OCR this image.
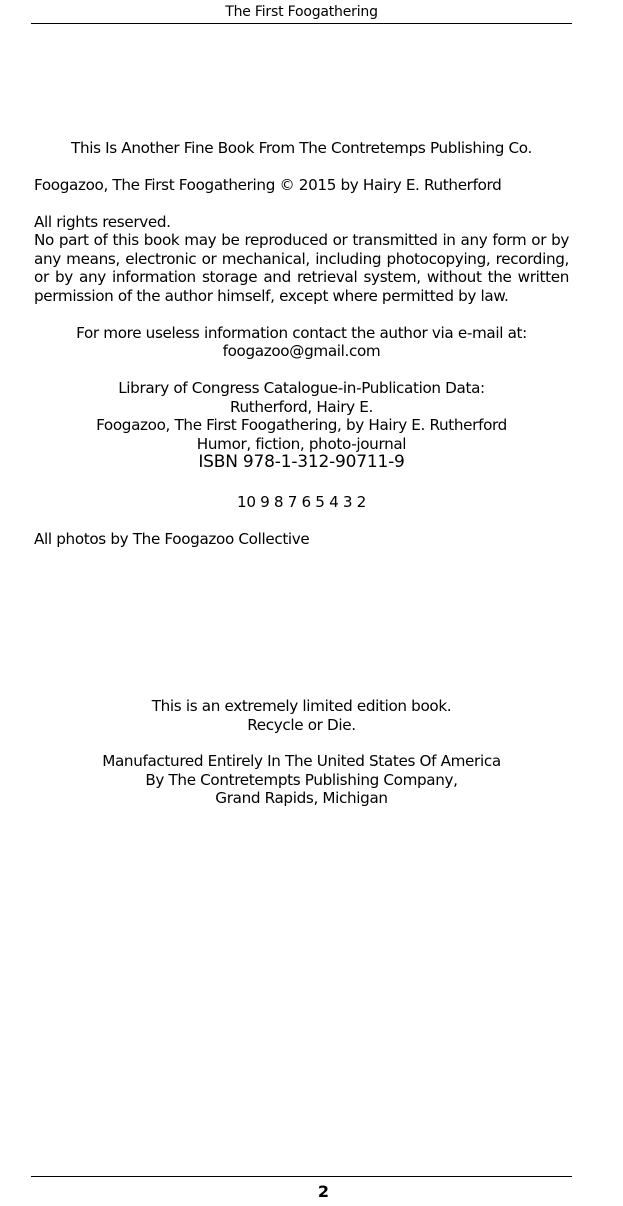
The First Foogathering
This Is Another Fine Book From The Contretemps Publishing Co.
Foogazoo, The First Foogathering © 2015 by Hairy E. Rutherford
All rights reserved.
No part of this book may be reproduced or transmitted in any form or by any means, electronic or mechanical, including photocopying, recording, or by any information storage and retrieval system, without the written permission of the author himself, except where permitted by law.
For more useless information contact the author via e-mail at:
foogazoo@gmail.com
Library of Congress Catalogue-in-Publication Data:
Rutherford, Hairy E.
Foogazoo, The First Foogathering, by Hairy E. Rutherford
Humor, fiction, photo-journal
ISBN 978-1-312-90711-9
10 9 8 7 6 5 4 3 2
All photos by The Foogazoo Collective
This is an extremely limited edition book.
Recycle or Die.
Manufactured Entirely In The United States Of America
By The Contretempts Publishing Company,
Grand Rapids, Michigan
2
